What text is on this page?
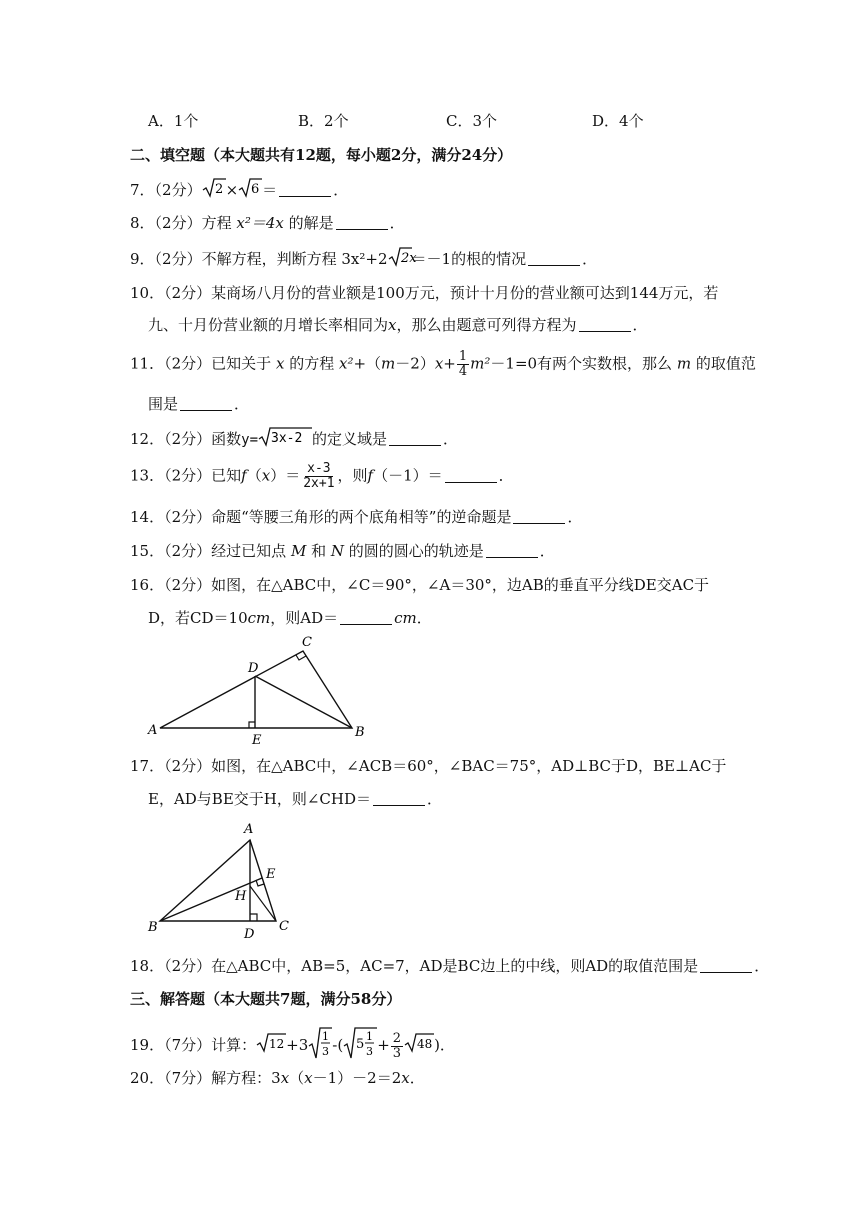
A．1个	B．2个	C．3个	D．4个
二、填空题（本大题共有12题，每小题2分，满分24分）
7．（2分） 2 × 6 ＝	．
8．（2分）方程 x²＝4x 的解是	．
9．（2分）不解方程，判断方程 3x²+2 2x
＝－1的根的情况	．
10．（2分）某商场八月份的营业额是100万元，预计十月份的营业额可达到144万元，若
九、十月份营业额的月增长率相同为x，那么由题意可列得方程为	．
11．（2分）已知关于 x 的方程 $x^2+(m-2)x+ \frac{1}{4} m^2-1=0$有两个实数根，那么 m 的取值范
围是	．
12．（2分）函数y= 3x-2 的定义域是	．
13．（2分）已知$f(x)= \frac{x-3}{2x+1}$ ，则f（－1）＝	．
14．（2分）命题“等腰三角形的两个底角相等”的逆命题是	．
15．（2分）经过已知点 M 和 N 的圆的圆心的轨迹是	．
16．（2分）如图，在△ABC中，∠C＝90°，∠A＝30°，边AB的垂直平分线DE交AC于
D，若CD＝10cm，则AD＝	cm．
A
C
D
E
B
17．（2分）如图，在△ABC中，∠ACB＝60°，∠BAC＝75°，AD⊥BC于D，BE⊥AC于
E，AD与BE交于H，则∠CHD＝	．
A
E
H
B	D
C
18．（2分）在△ABC中，AB=5，AC=7，AD是BC边上的中线，则AD的取值范围是	．
三、解答题（本大题共7题，满分58分）
19．（7分）计算： 12 +3 1
3 -( 5
1
$3 + \frac{2}{3} 48$ )．
20．（7分）解方程：3x（x－1）－2＝2x．
